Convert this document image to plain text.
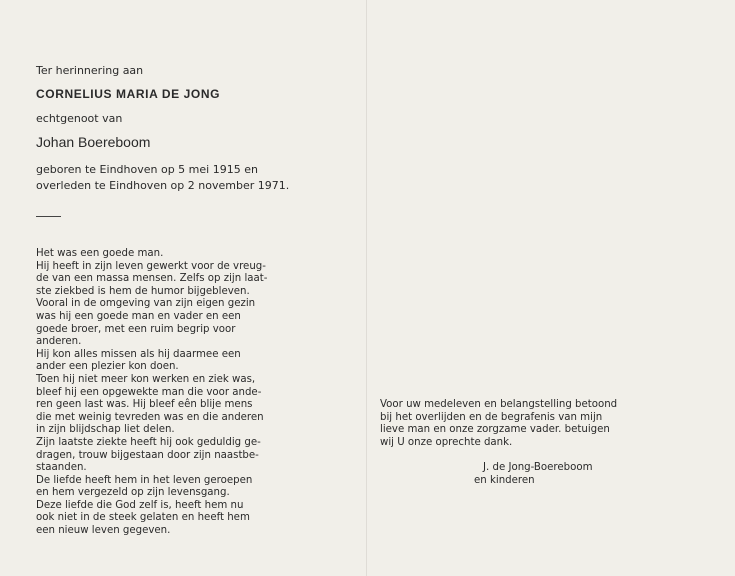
Ter herinnering aan
CORNELIUS MARIA DE JONG
echtgenoot van
Johan Boereboom
geboren te Eindhoven op 5 mei 1915 en
overleden te Eindhoven op 2 november 1971.
Het was een goede man.
Hij heeft in zijn leven gewerkt voor de vreug-
de van een massa mensen. Zelfs op zijn laat-
ste ziekbed is hem de humor bijgebleven.
Vooral in de omgeving van zijn eigen gezin
was hij een goede man en vader en een
goede broer, met een ruim begrip voor
anderen.
Hij kon alles missen als hij daarmee een
ander een plezier kon doen.
Toen hij niet meer kon werken en ziek was,
bleef hij een opgewekte man die voor ande-
ren geen last was. Hij bleef eên blije mens
die met weinig tevreden was en die anderen
in zijn blijdschap liet delen.
Zijn laatste ziekte heeft hij ook geduldig ge-
dragen, trouw bijgestaan door zijn naastbe-
staanden.
De liefde heeft hem in het leven geroepen
en hem vergezeld op zijn levensgang.
Deze liefde die God zelf is, heeft hem nu
ook niet in de steek gelaten en heeft hem
een nieuw leven gegeven.
Voor uw medeleven en belangstelling betoond
bij het overlijden en de begrafenis van mijn
lieve man en onze zorgzame vader. betuigen
wij U onze oprechte dank.
J. de Jong-Boereboom
en kinderen
